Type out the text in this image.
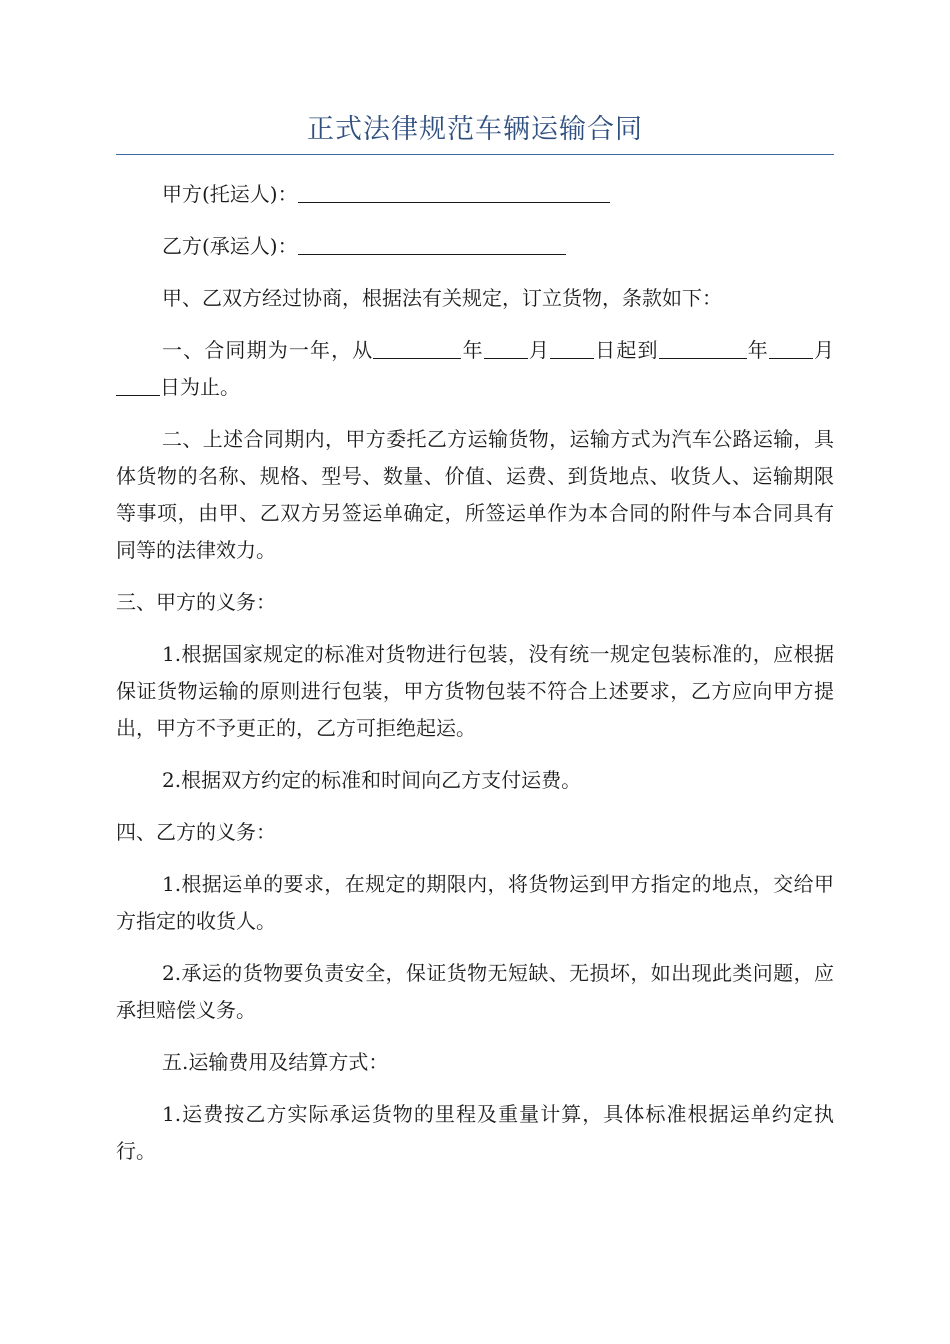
正式法律规范车辆运输合同

甲方(托运人)：

乙方(承运人)：

甲、乙双方经过协商，根据法有关规定，订立货物，条款如下：

一、合同期为一年，从	年 月 日起到	年 月日为止。

二、上述合同期内，甲方委托乙方运输货物，运输方式为汽车公路运输，具体货物的名称、规格、型号、数量、价值、运费、到货地点、收货人、运输期限等事项，由甲、乙双方另签运单确定，所签运单作为本合同的附件与本合同具有同等的法律效力。

三、甲方的义务：

1.根据国家规定的标准对货物进行包装，没有统一规定包装标准的，应根据保证货物运输的原则进行包装，甲方货物包装不符合上述要求，乙方应向甲方提出，甲方不予更正的，乙方可拒绝起运。

2.根据双方约定的标准和时间向乙方支付运费。

四、乙方的义务：

1.根据运单的要求，在规定的期限内，将货物运到甲方指定的地点，交给甲方指定的收货人。

2.承运的货物要负责安全，保证货物无短缺、无损坏，如出现此类问题，应承担赔偿义务。

五.运输费用及结算方式：

1.运费按乙方实际承运货物的里程及重量计算，具体标准根据运单约定执行。
